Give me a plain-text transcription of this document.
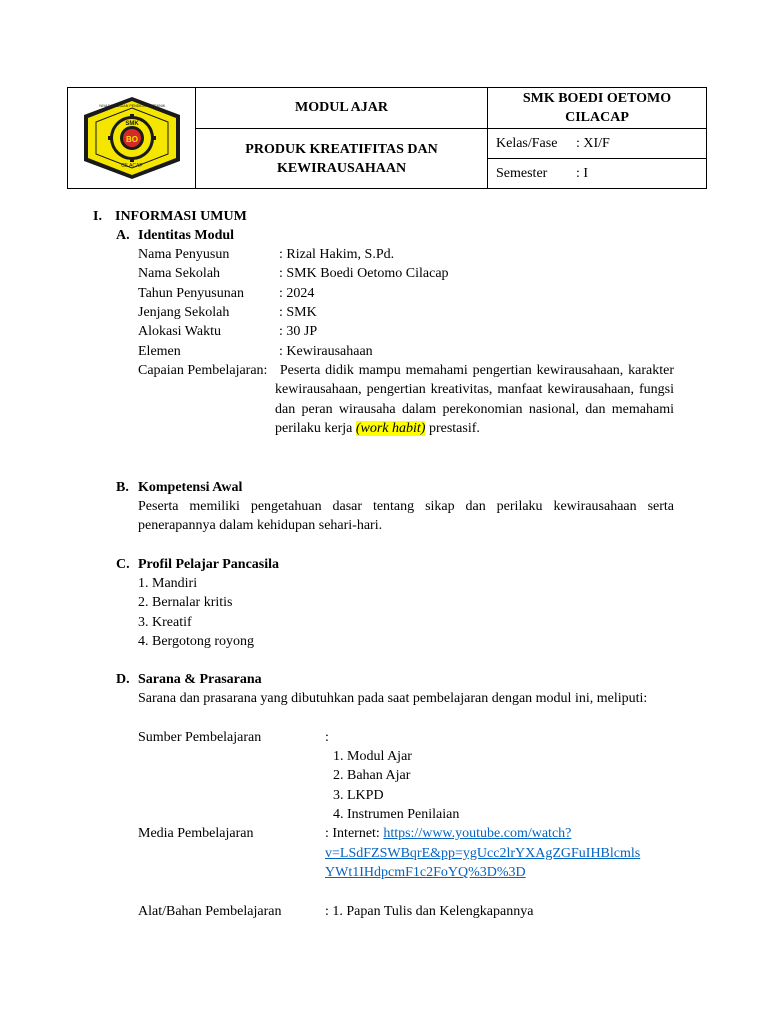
BO
SMK
CILACAP
YAYASAN BADAN PENDIDIKAN TEKNIK	MODUL AJAR
PRODUK KREATIFITAS DAN
KEWIRAUSAHAAN
SMK BOEDI OETOMO
CILACAP
Kelas/Fase	: XI/F
Semester	: I
I. INFORMASI UMUM
A. Identitas Modul
Nama Penyusun	: Rizal Hakim, S.Pd.
Nama Sekolah	: SMK Boedi Oetomo Cilacap
Tahun Penyusunan	: 2024
Jenjang Sekolah	: SMK
Alokasi Waktu	: 30 JP
Elemen	: Kewirausahaan
Capaian Pembelajaran: Peserta didik mampu memahami pengertian kewirausahaan, karakter kewirausahaan, pengertian kreativitas, manfaat kewirausahaan, fungsi dan peran wirausaha dalam perekonomian nasional, dan memahami perilaku kerja (work habit) prestasif.
B. Kompetensi Awal
Peserta memiliki pengetahuan dasar tentang sikap dan perilaku kewirausahaan serta penerapannya dalam kehidupan sehari-hari.
C. Profil Pelajar Pancasila
1. Mandiri
2. Bernalar kritis
3. Kreatif
4. Bergotong royong
D. Sarana & Prasarana
Sarana dan prasarana yang dibutuhkan pada saat pembelajaran dengan modul ini, meliputi:
Sumber Pembelajaran	:
1. Modul Ajar
2. Bahan Ajar
3. LKPD
4. Instrumen Penilaian
Media Pembelajaran	: Internet: https://www.youtube.com/watch?
v=LSdFZSWBqrE&pp=ygUcc2lrYXAgZGFuIHBlcmls
YWt1IHdpcmF1c2FoYQ%3D%3D
Alat/Bahan Pembelajaran	: 1. Papan Tulis dan Kelengkapannya
